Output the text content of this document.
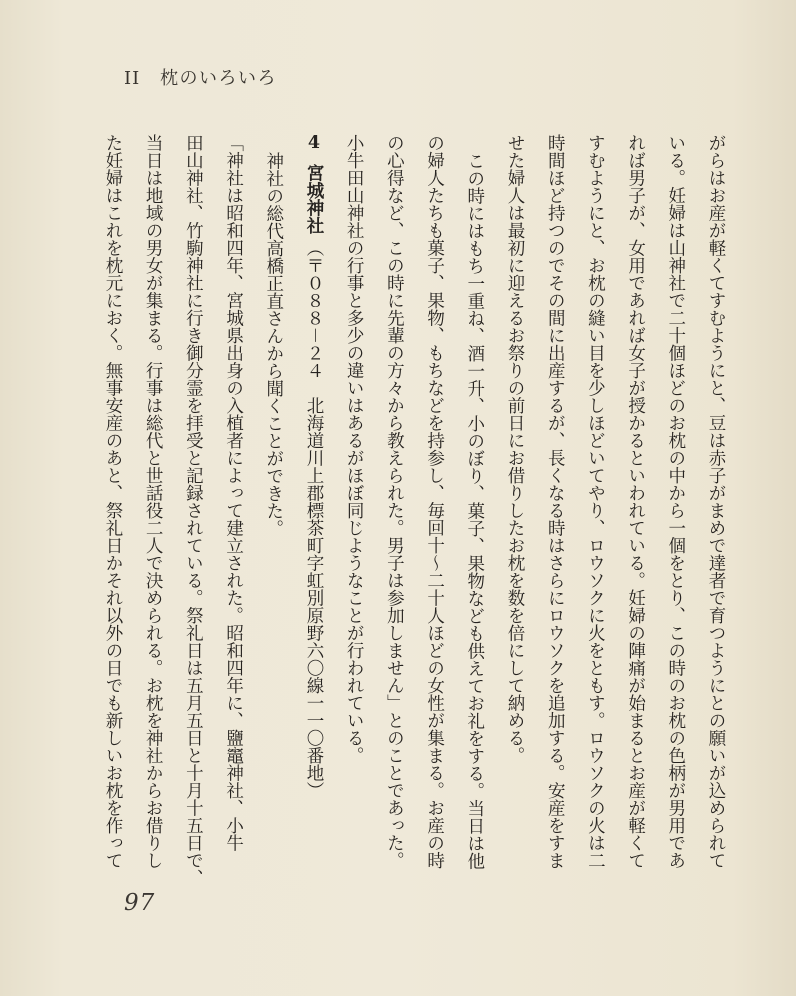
II 枕のいろいろ
がらはお産が軽くてすむようにと、豆は赤子がまめで達者で育つようにとの願いが込められて
いる。妊婦は山神社で二十個ほどのお枕の中から一個をとり、この時のお枕の色柄が男用であ
れば男子が、女用であれば女子が授かるといわれている。妊婦の陣痛が始まるとお産が軽くて
すむようにと、お枕の縫い目を少しほどいてやり、ロウソクに火をともす。ロウソクの火は二
時間ほど持つのでその間に出産するが、長くなる時はさらにロウソクを追加する。安産をすま
せた婦人は最初に迎えるお祭りの前日にお借りしたお枕を数を倍にして納める。
この時にはもち一重ね、酒一升、小のぼり、菓子、果物なども供えてお礼をする。当日は他
の婦人たちも菓子、果物、もちなどを持参し、毎回十〜二十人ほどの女性が集まる。お産の時
の心得など、この時に先輩の方々から教えられた。男子は参加しません」とのことであった。
小牛田山神社の行事と多少の違いはあるがほぼ同じようなことが行われている。
4宮城神社（〒０８８－２４　北海道川上郡標茶町字虹別原野六〇線一一〇番地）
神社の総代高橋正直さんから聞くことができた。
「神社は昭和四年、宮城県出身の入植者によって建立された。昭和四年に、鹽竈神社、小牛
田山神社、竹駒神社に行き御分霊を拝受と記録されている。祭礼日は五月五日と十月十五日で、
当日は地域の男女が集まる。行事は総代と世話役二人で決められる。お枕を神社からお借りし
た妊婦はこれを枕元におく。無事安産のあと、祭礼日かそれ以外の日でも新しいお枕を作って
97
